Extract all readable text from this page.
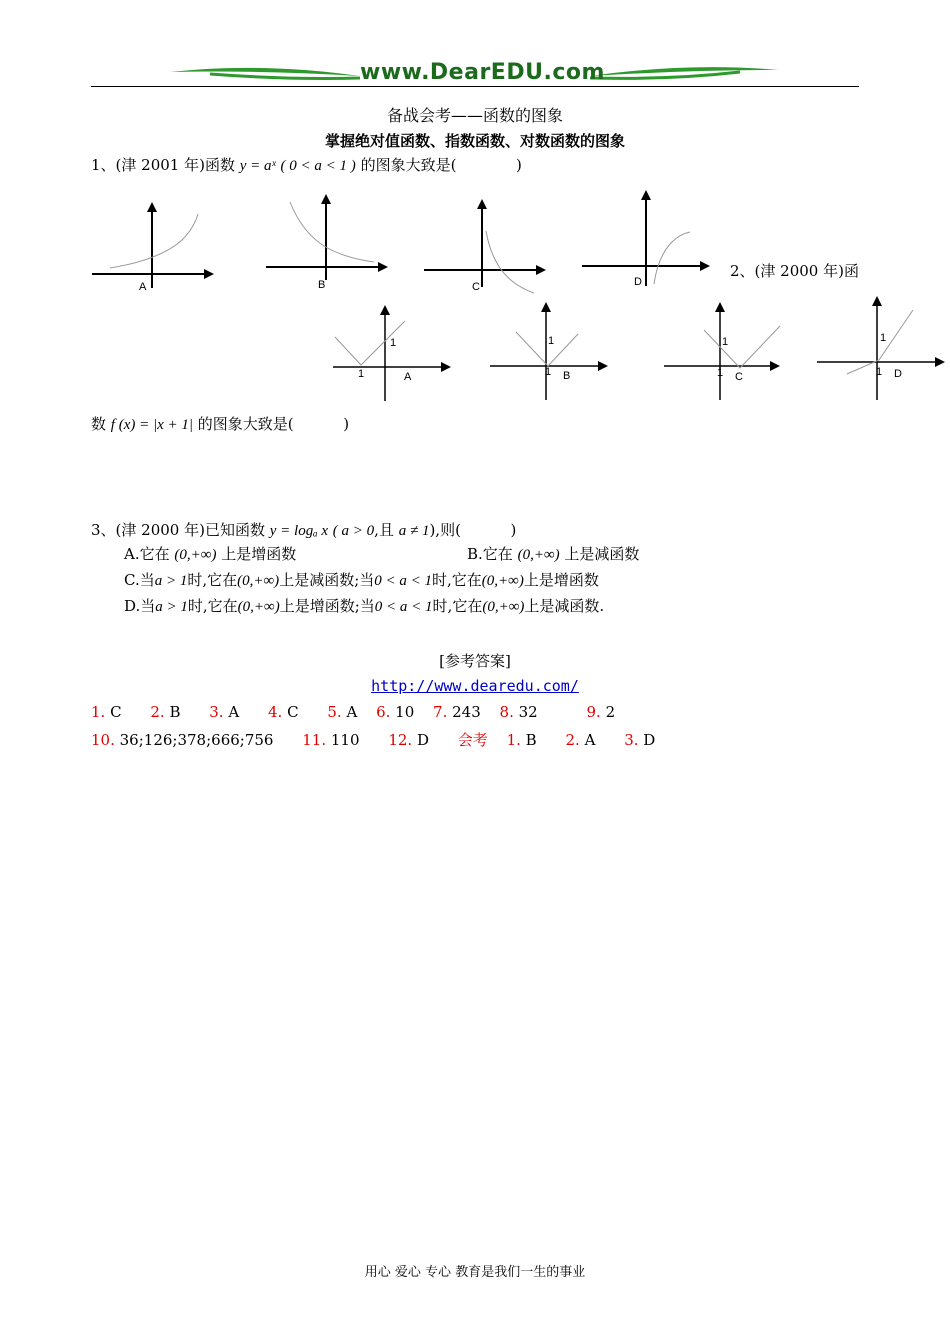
www.DearEDU.com
备战会考——函数的图象
掌握绝对值函数、指数函数、对数函数的图象
1、(津 2001 年)函数 y = aˣ ( 0 < a < 1 ) 的图象大致是(	)
A	B	C	D
2、(津 2000 年)函
1
1	A
1
1 B
1
1 C
1
1 D
数 f (x) = |x + 1| 的图象大致是(	)
3、(津 2000 年)已知函数 y = logₐ x ( a > 0,且 a ≠ 1),则(	)
A.它在 (0,+∞) 上是增函数	B.它在 (0,+∞) 上是减函数
C.当a > 1时,它在(0,+∞)上是减函数;当0 < a < 1时,它在(0,+∞)上是增函数
D.当a > 1时,它在(0,+∞)上是增函数;当0 < a < 1时,它在(0,+∞)上是减函数.
[参考答案]
http://www.dearedu.com/
1. C 2. B 3. A 4. C 5. A 6. 10 7. 243 8. 32	9. 2
10. 36;126;378;666;756 11. 110 12. D 会考 1. B 2. A 3. D
用心 爱心 专心 教育是我们一生的事业
